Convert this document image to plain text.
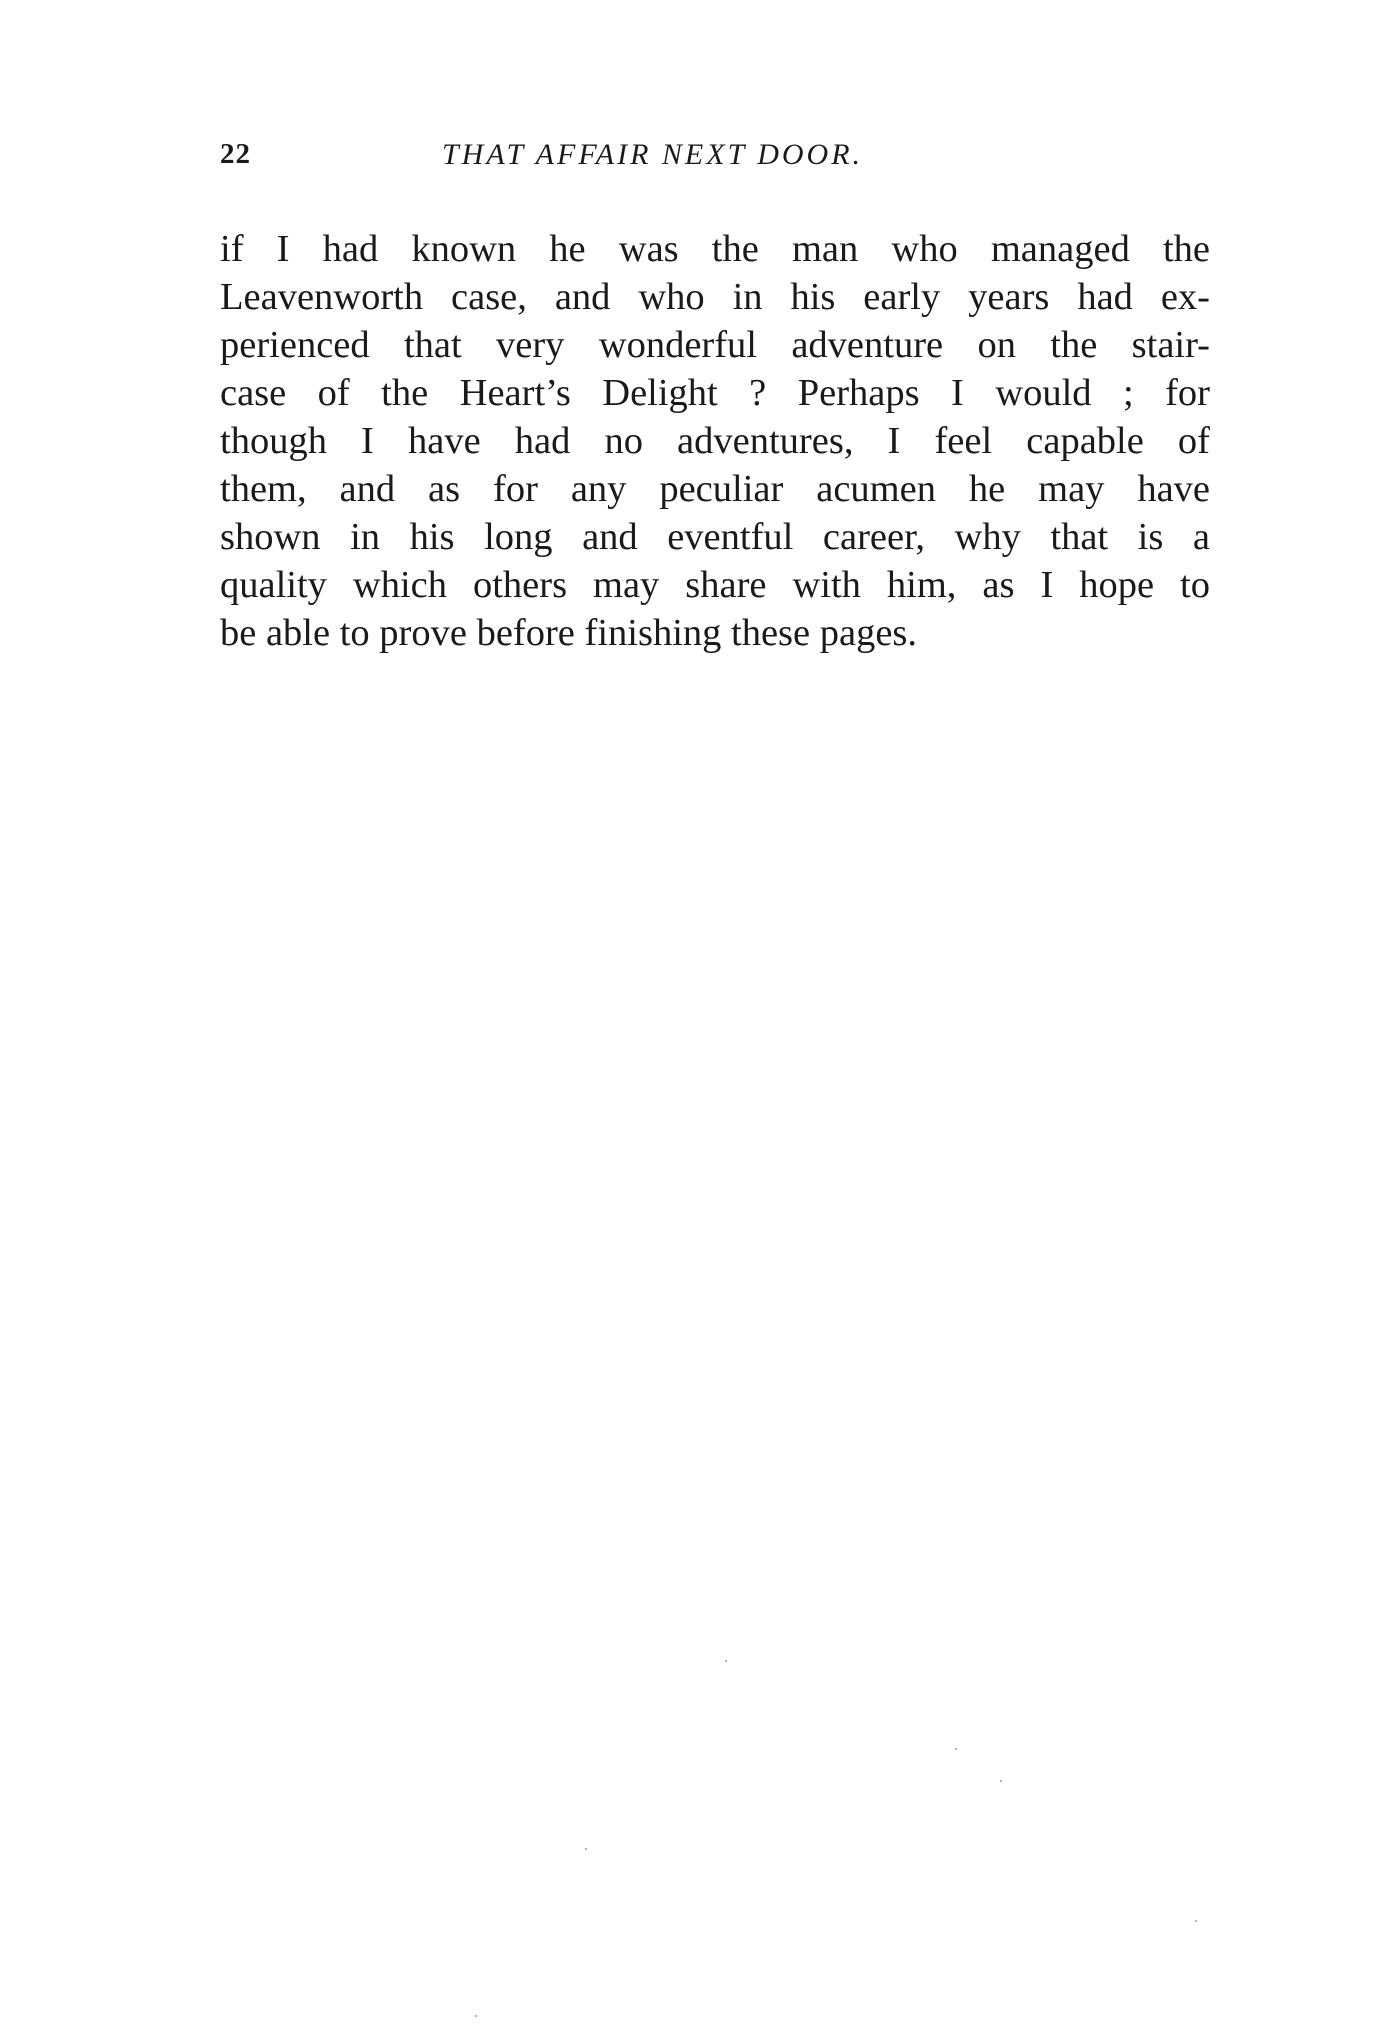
22	THAT AFFAIR NEXT DOOR.
if I had known he was the man who managed the
Leavenworth case, and who in his early years had ex-
perienced that very wonderful adventure on the stair-
case of the Heart’s Delight ? Perhaps I would ; for
though I have had no adventures, I feel capable of
them, and as for any peculiar acumen he may have
shown in his long and eventful career, why that is a
quality which others may share with him, as I hope to
be able to prove before finishing these pages.
